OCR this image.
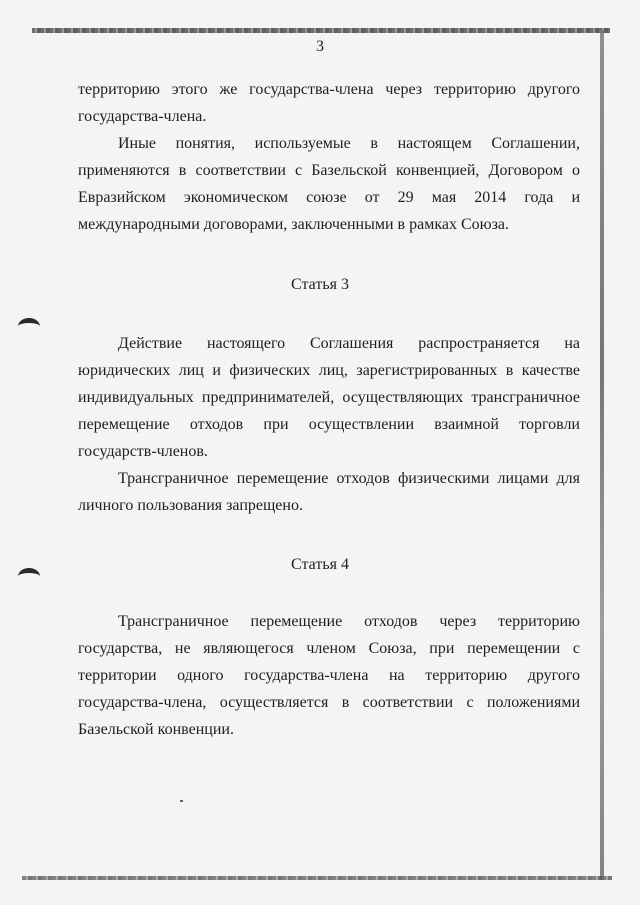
3

территорию этого же государства-члена через территорию другого государства-члена.

Иные понятия, используемые в настоящем Соглашении, применяются в соответствии с Базельской конвенцией, Договором о Евразийском экономическом союзе от 29 мая 2014 года и международными договорами, заключенными в рамках Союза.

Статья 3

Действие настоящего Соглашения распространяется на юридических лиц и физических лиц, зарегистрированных в качестве индивидуальных предпринимателей, осуществляющих трансграничное перемещение отходов при осуществлении взаимной торговли государств-членов.

Трансграничное перемещение отходов физическими лицами для личного пользования запрещено.

Статья 4

Трансграничное перемещение отходов через территорию государства, не являющегося членом Союза, при перемещении с территории одного государства-члена на территорию другого государства-члена, осуществляется в соответствии с положениями Базельской конвенции.
